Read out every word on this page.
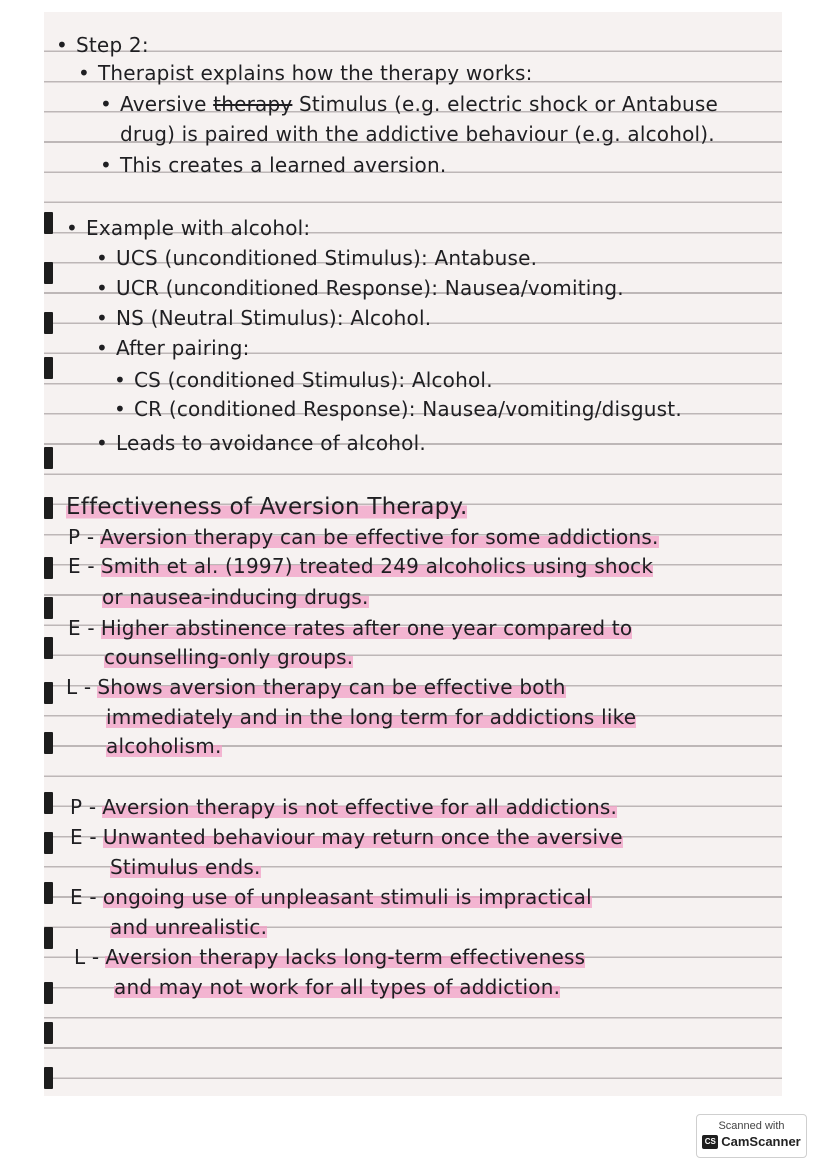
• Step 2:
• Therapist explains how the therapy works:
• Aversive therapy Stimulus (e.g. electric shock or Antabuse
drug) is paired with the addictive behaviour (e.g. alcohol).
• This creates a learned aversion.
• Example with alcohol:
• UCS (unconditioned Stimulus): Antabuse.
• UCR (unconditioned Response): Nausea/vomiting.
• NS (Neutral Stimulus): Alcohol.
• After pairing:
• CS (conditioned Stimulus): Alcohol.
• CR (conditioned Response): Nausea/vomiting/disgust.
• Leads to avoidance of alcohol.
Effectiveness of Aversion Therapy.
P - Aversion therapy can be effective for some addictions.
E - Smith et al. (1997) treated 249 alcoholics using shock
or nausea-inducing drugs.
E - Higher abstinence rates after one year compared to
counselling-only groups.
L - Shows aversion therapy can be effective both
immediately and in the long term for addictions like
alcoholism.
P - Aversion therapy is not effective for all addictions.
E - Unwanted behaviour may return once the aversive
Stimulus ends.
E - ongoing use of unpleasant stimuli is impractical
and unrealistic.
L - Aversion therapy lacks long-term effectiveness
and may not work for all types of addiction.
Scanned with
CS CamScanner
